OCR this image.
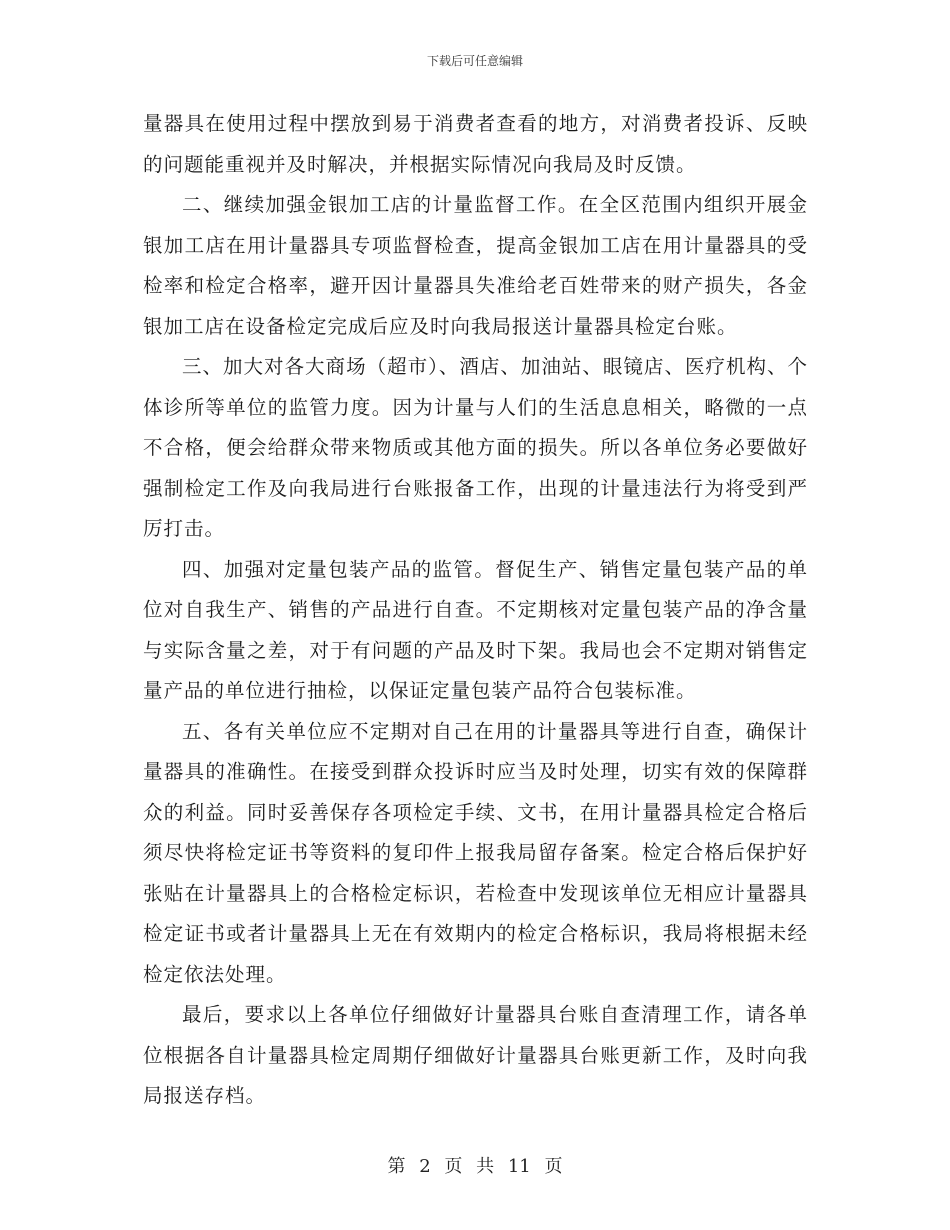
下载后可任意编辑

量器具在使用过程中摆放到易于消费者查看的地方，对消费者投诉、反映的问题能重视并及时解决，并根据实际情况向我局及时反馈。

二、继续加强金银加工店的计量监督工作。在全区范围内组织开展金银加工店在用计量器具专项监督检查，提高金银加工店在用计量器具的受检率和检定合格率，避开因计量器具失准给老百姓带来的财产损失，各金银加工店在设备检定完成后应及时向我局报送计量器具检定台账。

三、加大对各大商场（超市）、酒店、加油站、眼镜店、医疗机构、个体诊所等单位的监管力度。因为计量与人们的生活息息相关，略微的一点不合格，便会给群众带来物质或其他方面的损失。所以各单位务必要做好强制检定工作及向我局进行台账报备工作，出现的计量违法行为将受到严厉打击。

四、加强对定量包装产品的监管。督促生产、销售定量包装产品的单位对自我生产、销售的产品进行自查。不定期核对定量包装产品的净含量与实际含量之差，对于有问题的产品及时下架。我局也会不定期对销售定量产品的单位进行抽检，以保证定量包装产品符合包装标准。

五、各有关单位应不定期对自己在用的计量器具等进行自查，确保计量器具的准确性。在接受到群众投诉时应当及时处理，切实有效的保障群众的利益。同时妥善保存各项检定手续、文书，在用计量器具检定合格后须尽快将检定证书等资料的复印件上报我局留存备案。检定合格后保护好张贴在计量器具上的合格检定标识，若检查中发现该单位无相应计量器具检定证书或者计量器具上无在有效期内的检定合格标识，我局将根据未经检定依法处理。

最后，要求以上各单位仔细做好计量器具台账自查清理工作，请各单位根据各自计量器具检定周期仔细做好计量器具台账更新工作，及时向我局报送存档。

第 2 页 共 11 页
